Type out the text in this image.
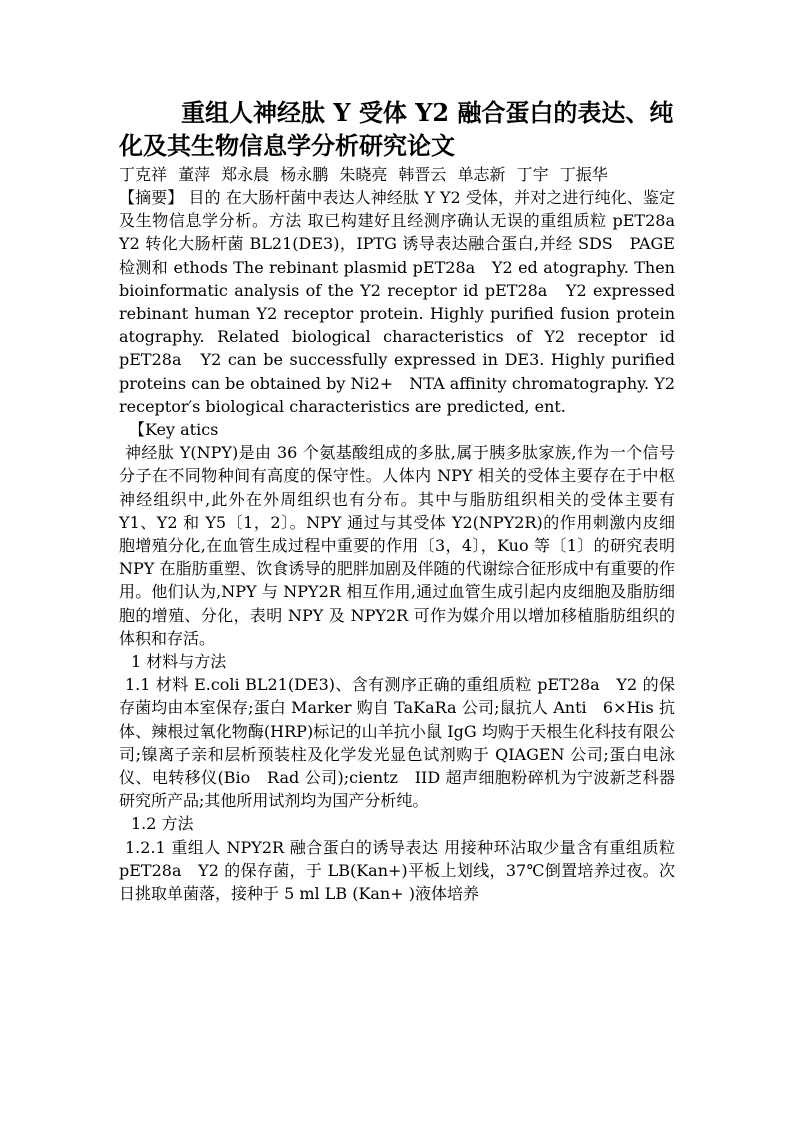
重组人神经肽 Y 受体 Y2 融合蛋白的表达、纯化及其生物信息学分析研究论文
丁克祥 董萍 郑永晨 杨永鹏 朱晓亮 韩晋云 单志新 丁宇 丁振华

【摘要】 目的 在大肠杆菌中表达人神经肽 Y Y2 受体，并对之进行纯化、鉴定及生物信息学分析。方法 取已构建好且经测序确认无误的重组质粒 pET28a　Y2 转化大肠杆菌 BL21(DE3)，IPTG 诱导表达融合蛋白,并经 SDS　PAGE 检测和 ethods The rebinant plasmid pET28a　Y2 ed atography. Then bioinformatic analysis of the Y2 receptor id pET28a　Y2 expressed rebinant human Y2 receptor protein. Highly purified fusion protein atography. Related biological characteristics of Y2 receptor id pET28a　Y2 can be successfully expressed in DE3. Highly purified proteins can be obtained by Ni2+　NTA affinity chromatography. Y2 receptor′s biological characteristics are predicted, ent.

【Key atics

神经肽 Y(NPY)是由 36 个氨基酸组成的多肽,属于胰多肽家族,作为一个信号分子在不同物种间有高度的保守性。人体内 NPY 相关的受体主要存在于中枢神经组织中,此外在外周组织也有分布。其中与脂肪组织相关的受体主要有 Y1、Y2 和 Y5〔1，2〕。NPY 通过与其受体 Y2(NPY2R)的作用刺激内皮细胞增殖分化,在血管生成过程中重要的作用〔3，4〕，Kuo 等〔1〕的研究表明 NPY 在脂肪重塑、饮食诱导的肥胖加剧及伴随的代谢综合征形成中有重要的作用。他们认为,NPY 与 NPY2R 相互作用,通过血管生成引起内皮细胞及脂肪细胞的增殖、分化，表明 NPY 及 NPY2R 可作为媒介用以增加移植脂肪组织的体积和存活。

1 材料与方法

1.1 材料 E.coli BL21(DE3)、含有测序正确的重组质粒 pET28a　Y2 的保存菌均由本室保存;蛋白 Marker 购自 TaKaRa 公司;鼠抗人 Anti　6×His 抗体、辣根过氧化物酶(HRP)标记的山羊抗小鼠 IgG 均购于天根生化科技有限公司;镍离子亲和层析预装柱及化学发光显色试剂购于 QIAGEN 公司;蛋白电泳仪、电转移仪(Bio　Rad 公司);cientz　IID 超声细胞粉碎机为宁波新芝科器研究所产品;其他所用试剂均为国产分析纯。

1.2 方法

1.2.1 重组人 NPY2R 融合蛋白的诱导表达 用接种环沾取少量含有重组质粒 pET28a　Y2 的保存菌，于 LB(Kan+)平板上划线，37℃倒置培养过夜。次日挑取单菌落，接种于 5 ml LB (Kan+ )液体培养
